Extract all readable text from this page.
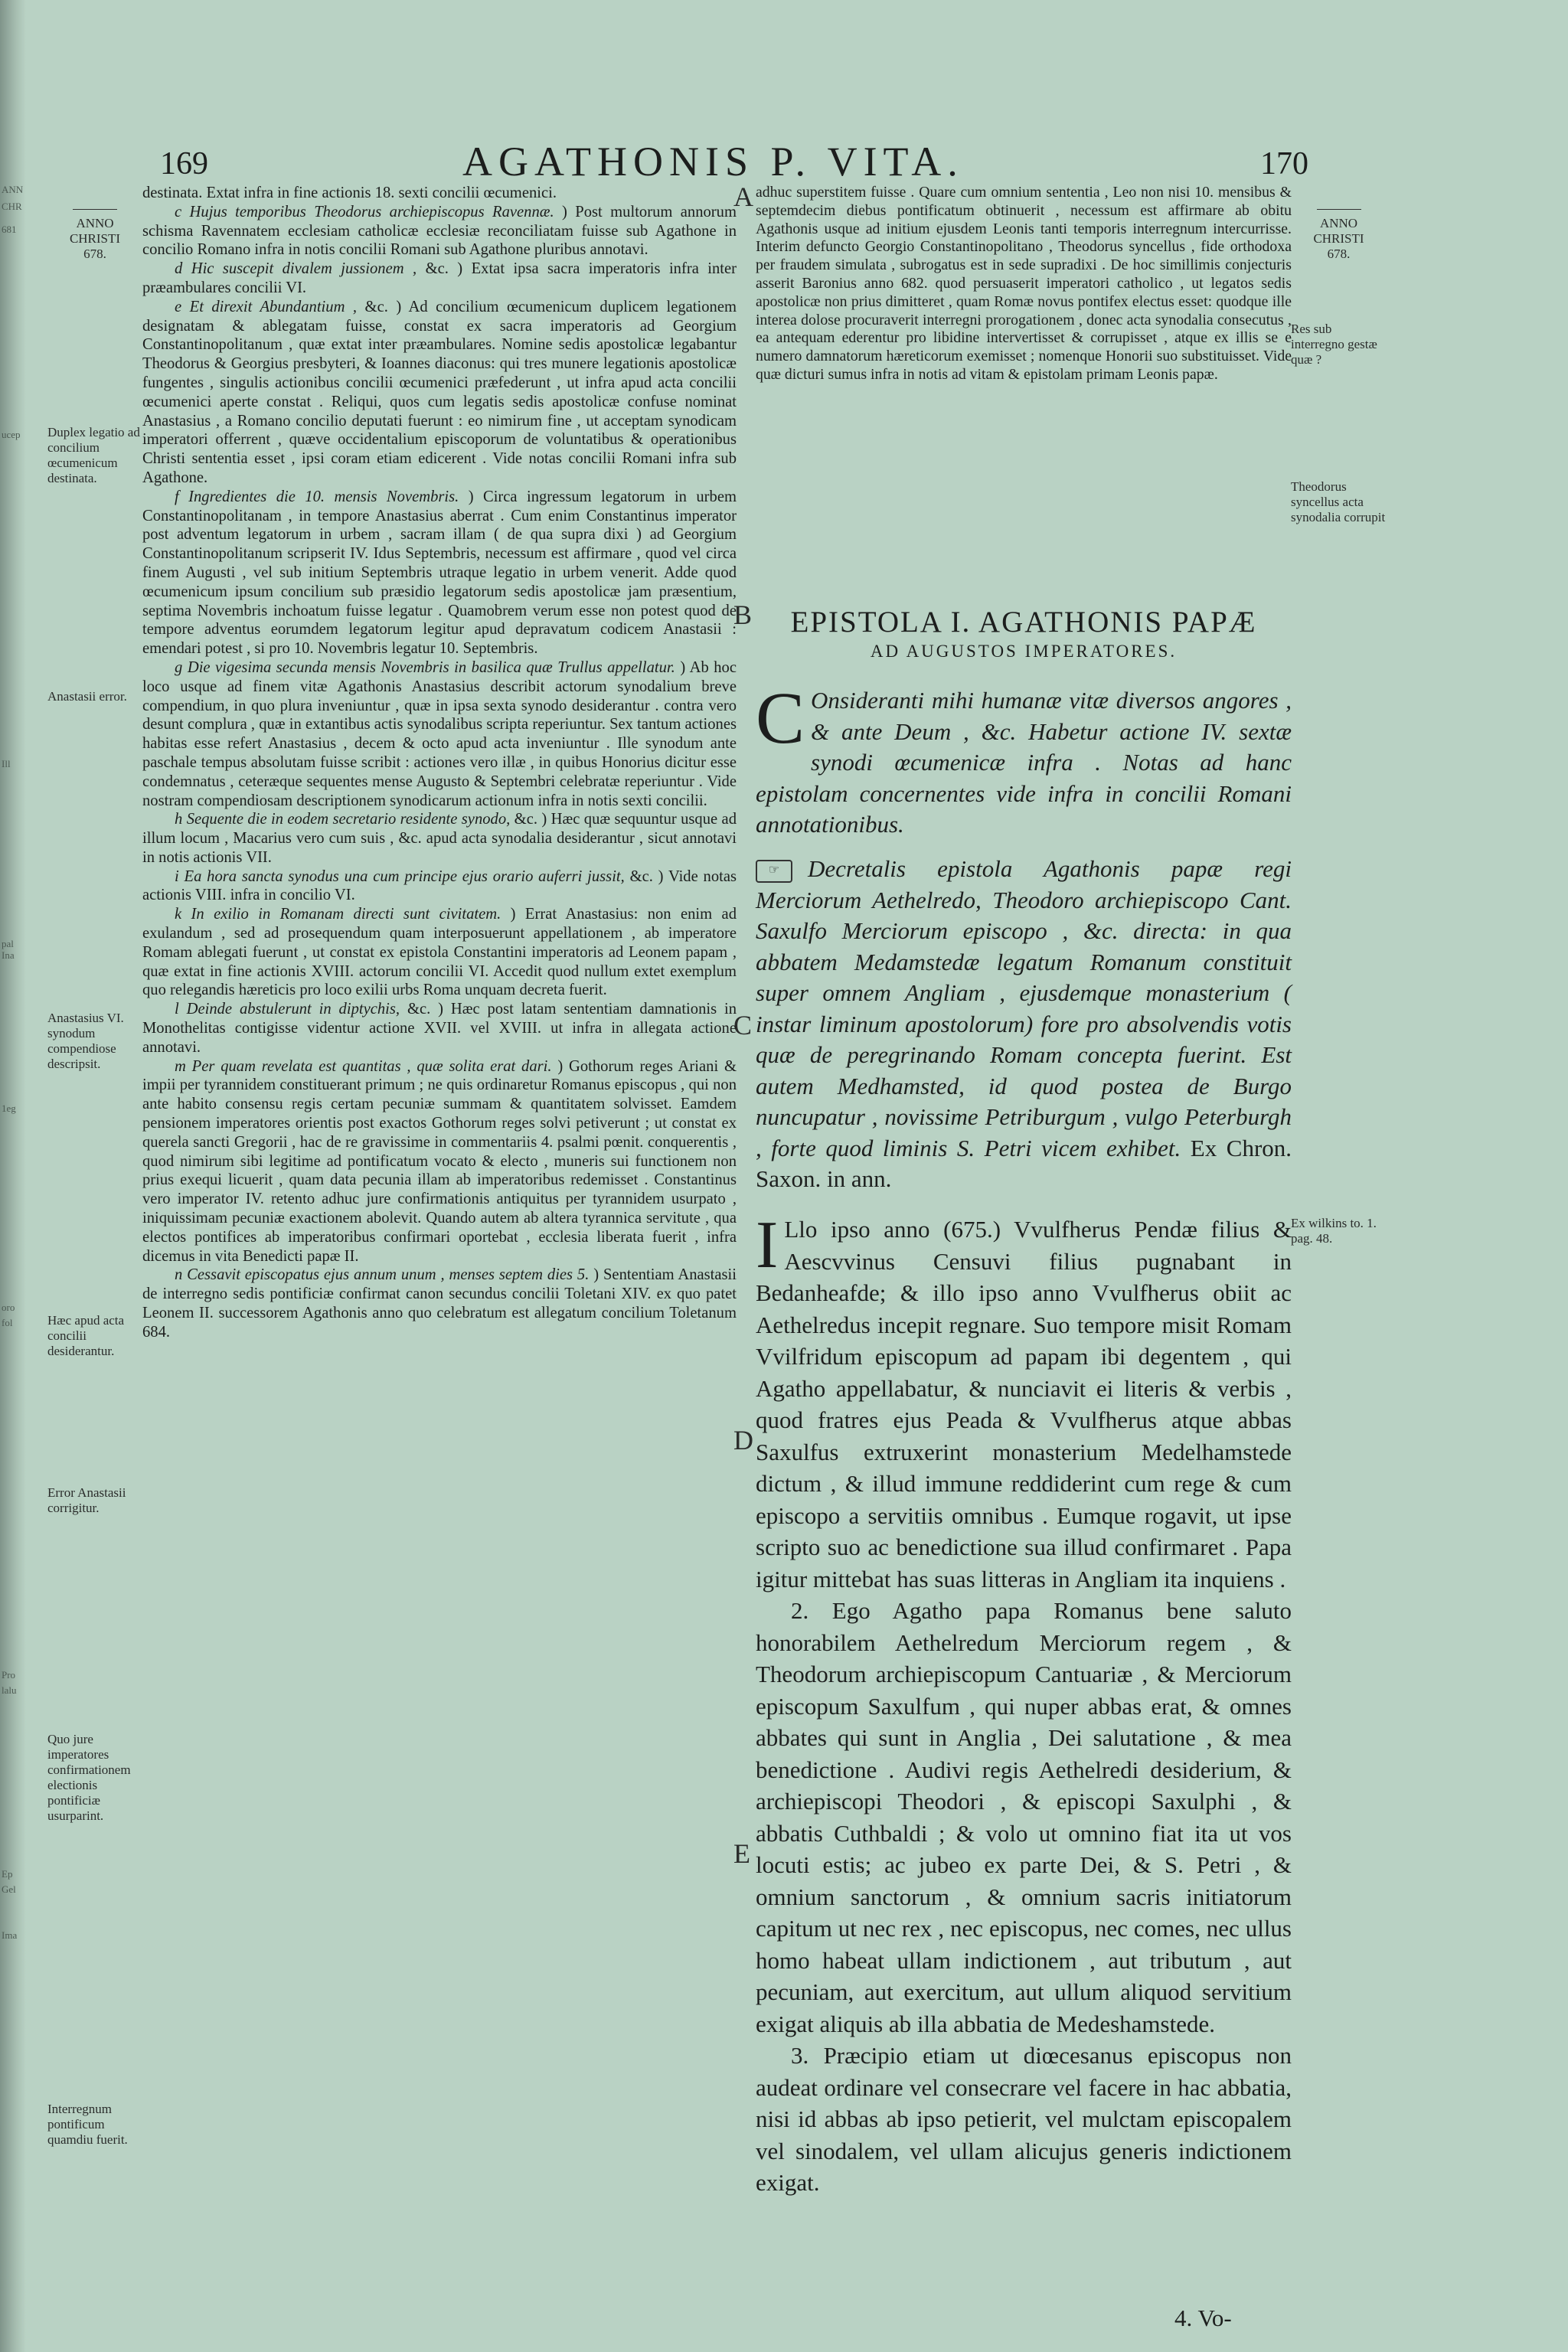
ANN
CHR
681
ucep
Ill
pal
Ina
1eg
oro
fol
Pro
lalu
Ep
Gel
Ima
169	AGATHONIS P. VITA.	170
ANNO
CHRISTI
678.
Duplex legatio ad concilium œcumenicum destinata.
Anastasii error.
Anastasius VI. synodum compendiose descripsit.
Hæc apud acta concilii desiderantur.
Error Anastasii corrigitur.
Quo jure imperatores confirmationem electionis pontificiæ usurparint.
Interregnum pontificum quamdiu fuerit.
ANNO
CHRISTI
678.
Res sub interregno gestæ quæ ?
Theodorus syncellus acta synodalia corrupit
Ex wilkins to. 1. pag. 48.
A
B
C
D
E

destinata. Extat infra in fine actionis 18. sexti concilii œcumenici.

c Hujus temporibus Theodorus archiepiscopus Ravennæ. ) Post multorum annorum schisma Ravennatem ecclesiam catholicæ ecclesiæ reconciliatam fuisse sub Agathone in concilio Romano infra in notis concilii Romani sub Agathone pluribus annotavi.

d Hic suscepit divalem jussionem , &c. ) Extat ipsa sacra imperatoris infra inter præambulares concilii VI.

e Et direxit Abundantium , &c. ) Ad concilium œcumenicum duplicem legationem designatam & ablegatam fuisse, constat ex sacra imperatoris ad Georgium Constantinopolitanum , quæ extat inter præambulares. Nomine sedis apostolicæ legabantur Theodorus & Georgius presbyteri, & Ioannes diaconus: qui tres munere legationis apostolicæ fungentes , singulis actionibus concilii œcumenici præfederunt , ut infra apud acta concilii œcumenici aperte constat . Reliqui, quos cum legatis sedis apostolicæ confuse nominat Anastasius , a Romano concilio deputati fuerunt : eo nimirum fine , ut acceptam synodicam imperatori offerrent , quæve occidentalium episcoporum de voluntatibus & operationibus Christi sententia esset , ipsi coram etiam edicerent . Vide notas concilii Romani infra sub Agathone.

f Ingredientes die 10. mensis Novembris. ) Circa ingressum legatorum in urbem Constantinopolitanam , in tempore Anastasius aberrat . Cum enim Constantinus imperator post adventum legatorum in urbem , sacram illam ( de qua supra dixi ) ad Georgium Constantinopolitanum scripserit IV. Idus Septembris, necessum est affirmare , quod vel circa finem Augusti , vel sub initium Septembris utraque legatio in urbem venerit. Adde quod œcumenicum ipsum concilium sub præsidio legatorum sedis apostolicæ jam præsentium, septima Novembris inchoatum fuisse legatur . Quamobrem verum esse non potest quod de tempore adventus eorumdem legatorum legitur apud depravatum codicem Anastasii : emendari potest , si pro 10. Novembris legatur 10. Septembris.

g Die vigesima secunda mensis Novembris in basilica quæ Trullus appellatur. ) Ab hoc loco usque ad finem vitæ Agathonis Anastasius describit actorum synodalium breve compendium, in quo plura inveniuntur , quæ in ipsa sexta synodo desiderantur . contra vero desunt complura , quæ in extantibus actis synodalibus scripta reperiuntur. Sex tantum actiones habitas esse refert Anastasius , decem & octo apud acta inveniuntur . Ille synodum ante paschale tempus absolutam fuisse scribit : actiones vero illæ , in quibus Honorius dicitur esse condemnatus , ceteræque sequentes mense Augusto & Septembri celebratæ reperiuntur . Vide nostram compendiosam descriptionem synodicarum actionum infra in notis sexti concilii.

h Sequente die in eodem secretario residente synodo, &c. ) Hæc quæ sequuntur usque ad illum locum , Macarius vero cum suis , &c. apud acta synodalia desiderantur , sicut annotavi in notis actionis VII.

i Ea hora sancta synodus una cum principe ejus orario auferri jussit, &c. ) Vide notas actionis VIII. infra in concilio VI.

k In exilio in Romanam directi sunt civitatem. ) Errat Anastasius: non enim ad exulandum , sed ad prosequendum quam interposuerunt appellationem , ab imperatore Romam ablegati fuerunt , ut constat ex epistola Constantini imperatoris ad Leonem papam , quæ extat in fine actionis XVIII. actorum concilii VI. Accedit quod nullum extet exemplum quo relegandis hæreticis pro loco exilii urbs Roma unquam decreta fuerit.

l Deinde abstulerunt in diptychis, &c. ) Hæc post latam sententiam damnationis in Monothelitas contigisse videntur actione XVII. vel XVIII. ut infra in allegata actione annotavi.

m Per quam revelata est quantitas , quæ solita erat dari. ) Gothorum reges Ariani & impii per tyrannidem constituerant primum ; ne quis ordinaretur Romanus episcopus , qui non ante habito consensu regis certam pecuniæ summam & quantitatem solvisset. Eamdem pensionem imperatores orientis post exactos Gothorum reges solvi petiverunt ; ut constat ex querela sancti Gregorii , hac de re gravissime in commentariis 4. psalmi pœnit. conquerentis , quod nimirum sibi legitime ad pontificatum vocato & electo , muneris sui functionem non prius exequi licuerit , quam data pecunia illam ab imperatoribus redemisset . Constantinus vero imperator IV. retento adhuc jure confirmationis antiquitus per tyrannidem usurpato , iniquissimam pecuniæ exactionem abolevit. Quando autem ab altera tyrannica servitute , qua electos pontifices ab imperatoribus confirmari oportebat , ecclesia liberata fuerit , infra dicemus in vita Benedicti papæ II.

n Cessavit episcopatus ejus annum unum , menses septem dies 5. ) Sententiam Anastasii de interregno sedis pontificiæ confirmat canon secundus concilii Toletani XIV. ex quo patet Leonem II. successorem Agathonis anno quo celebratum est allegatum concilium Toletanum 684.

adhuc superstitem fuisse . Quare cum omnium sententia , Leo non nisi 10. mensibus & septemdecim diebus pontificatum obtinuerit , necessum est affirmare ab obitu Agathonis usque ad initium ejusdem Leonis tanti temporis interregnum intercurrisse. Interim defuncto Georgio Constantinopolitano , Theodorus syncellus , fide orthodoxa per fraudem simulata , subrogatus est in sede supradixi . De hoc simillimis conjecturis asserit Baronius anno 682. quod persuaserit imperatori catholico , ut legatos sedis apostolicæ non prius dimitteret , quam Romæ novus pontifex electus esset: quodque ille interea dolose procuraverit interregni prorogationem , donec acta synodalia consecutus , ea antequam ederentur pro libidine intervertisset & corrupisset , atque ex illis se e numero damnatorum hæreticorum exemisset ; nomenque Honorii suo substituisset. Vide quæ dicturi sumus infra in notis ad vitam & epistolam primam Leonis papæ.
EPISTOLA I. AGATHONIS PAPÆ
AD AUGUSTOS IMPERATORES.
C Onsideranti mihi humanæ vitæ diversos angores , & ante Deum , &c. Habetur actione IV. sextæ synodi œcumenicæ infra . Notas ad hanc epistolam concernentes vide infra in concilii Romani annotationibus.
☞ Decretalis epistola Agathonis papæ regi Merciorum Aethelredo, Theodoro archiepiscopo Cant. Saxulfo Merciorum episcopo , &c. directa: in qua abbatem Medamstedæ legatum Romanum constituit super omnem Angliam , ejusdemque monasterium ( instar liminum apostolorum) fore pro absolvendis votis quæ de peregrinando Romam concepta fuerint. Est autem Medhamsted, id quod postea de Burgo nuncupatur , novissime Petriburgum , vulgo Peterburgh , forte quod liminis S. Petri vicem exhibet. Ex Chron. Saxon. in ann.

I Llo ipso anno (675.) Vvulfherus Pendæ filius & Aescvvinus Censuvi filius pugnabant in Bedanheafde; & illo ipso anno Vvulfherus obiit ac Aethelredus incepit regnare. Suo tempore misit Romam Vvilfridum episcopum ad papam ibi degentem , qui Agatho appellabatur, & nunciavit ei literis & verbis , quod fratres ejus Peada & Vvulfherus atque abbas Saxulfus extruxerint monasterium Medelhamstede dictum , & illud immune reddiderint cum rege & cum episcopo a servitiis omnibus . Eumque rogavit, ut ipse scripto suo ac benedictione sua illud confirmaret . Papa igitur mittebat has suas litteras in Angliam ita inquiens .

2. Ego Agatho papa Romanus bene saluto honorabilem Aethelredum Merciorum regem , & Theodorum archiepiscopum Cantuariæ , & Merciorum episcopum Saxulfum , qui nuper abbas erat, & omnes abbates qui sunt in Anglia , Dei salutatione , & mea benedictione . Audivi regis Aethelredi desiderium, & archiepiscopi Theodori , & episcopi Saxulphi , & abbatis Cuthbaldi ; & volo ut omnino fiat ita ut vos locuti estis; ac jubeo ex parte Dei, & S. Petri , & omnium sanctorum , & omnium sacris initiatorum capitum ut nec rex , nec episcopus, nec comes, nec ullus homo habeat ullam indictionem , aut tributum , aut pecuniam, aut exercitum, aut ullum aliquod servitium exigat aliquis ab illa abbatia de Medeshamstede.

3. Præcipio etiam ut diœcesanus episcopus non audeat ordinare vel consecrare vel facere in hac abbatia, nisi id abbas ab ipso petierit, vel mulctam episcopalem vel sinodalem, vel ullam alicujus generis indictionem exigat.

4. Vo-
